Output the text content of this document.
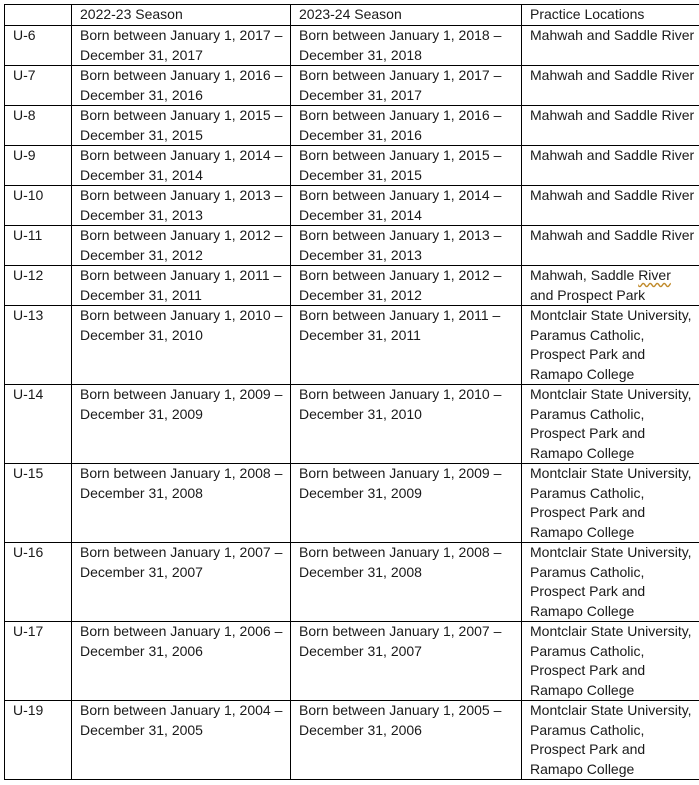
	2022-23 Season	2023-24 Season	Practice Locations
U-6	Born between January 1, 2017 – December 31, 2017	Born between January 1, 2018 – December 31, 2018	Mahwah and Saddle River
U-7	Born between January 1, 2016 – December 31, 2016	Born between January 1, 2017 – December 31, 2017	Mahwah and Saddle River
U-8	Born between January 1, 2015 – December 31, 2015	Born between January 1, 2016 – December 31, 2016	Mahwah and Saddle River
U-9	Born between January 1, 2014 – December 31, 2014	Born between January 1, 2015 – December 31, 2015	Mahwah and Saddle River
U-10	Born between January 1, 2013 – December 31, 2013	Born between January 1, 2014 – December 31, 2014	Mahwah and Saddle River
U-11	Born between January 1, 2012 – December 31, 2012	Born between January 1, 2013 – December 31, 2013	Mahwah and Saddle River
U-12	Born between January 1, 2011 – December 31, 2011	Born between January 1, 2012 – December 31, 2012	Mahwah, Saddle River and Prospect Park
U-13	Born between January 1, 2010 – December 31, 2010	Born between January 1, 2011 – December 31, 2011	Montclair State University, Paramus Catholic, Prospect Park and Ramapo College
U-14	Born between January 1, 2009 – December 31, 2009	Born between January 1, 2010 – December 31, 2010	Montclair State University, Paramus Catholic, Prospect Park and Ramapo College
U-15	Born between January 1, 2008 – December 31, 2008	Born between January 1, 2009 – December 31, 2009	Montclair State University, Paramus Catholic, Prospect Park and Ramapo College
U-16	Born between January 1, 2007 – December 31, 2007	Born between January 1, 2008 – December 31, 2008	Montclair State University, Paramus Catholic, Prospect Park and Ramapo College
U-17	Born between January 1, 2006 – December 31, 2006	Born between January 1, 2007 – December 31, 2007	Montclair State University, Paramus Catholic, Prospect Park and Ramapo College
U-19	Born between January 1, 2004 – December 31, 2005	Born between January 1, 2005 – December 31, 2006	Montclair State University, Paramus Catholic, Prospect Park and Ramapo College
